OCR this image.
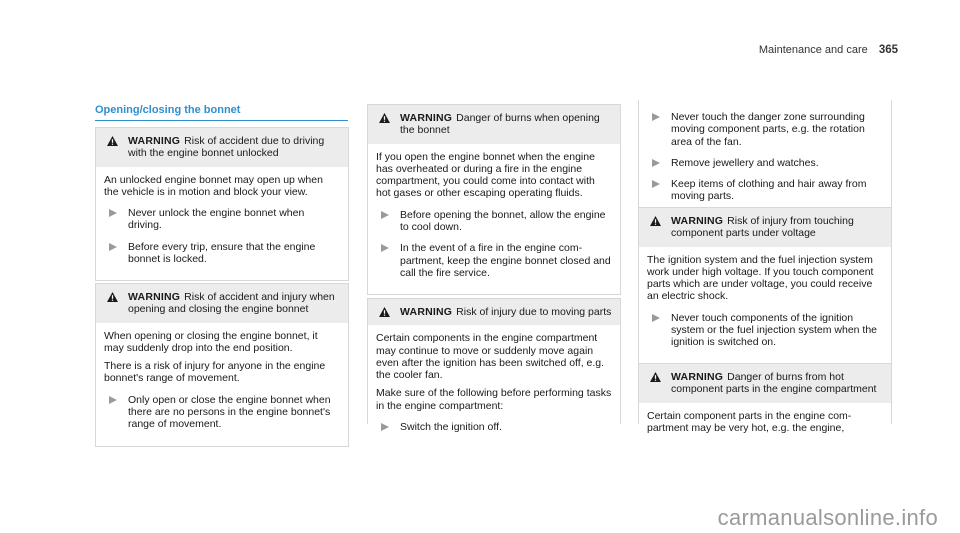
Maintenance and care 365
Opening/closing the bonnet
WARNING Risk of accident due to driving with the engine bonnet unlocked

An unlocked engine bonnet may open up when the vehicle is in motion and block your view.

Never unlock the engine bonnet when driving.
Before every trip, ensure that the engine bonnet is locked.
WARNING Risk of accident and injury when opening and closing the engine bonnet

When opening or closing the engine bonnet, it may suddenly drop into the end position.

There is a risk of injury for anyone in the engine bonnet's range of movement.

Only open or close the engine bonnet when there are no persons in the engine bonnet's range of movement.
WARNING Danger of burns when opening the bonnet

If you open the engine bonnet when the engine has overheated or during a fire in the engine compartment, you could come into contact with hot gases or other escaping operating fluids.

Before opening the bonnet, allow the engine to cool down.
In the event of a fire in the engine compartment, keep the engine bonnet closed and call the fire service.
WARNING Risk of injury due to moving parts

Certain components in the engine compartment may continue to move or suddenly move again even after the ignition has been switched off, e.g. the cooler fan.

Make sure of the following before performing tasks in the engine compartment:

Switch the ignition off.
Never touch the danger zone surrounding moving component parts, e.g. the rotation area of the fan.
Remove jewellery and watches.
Keep items of clothing and hair away from moving parts.
WARNING Risk of injury from touching component parts under voltage

The ignition system and the fuel injection system work under high voltage. If you touch component parts which are under voltage, you could receive an electric shock.

Never touch components of the ignition system or the fuel injection system when the ignition is switched on.
WARNING Danger of burns from hot component parts in the engine compartment

Certain component parts in the engine compartment may be very hot, e.g. the engine,

carmanualsonline.info
